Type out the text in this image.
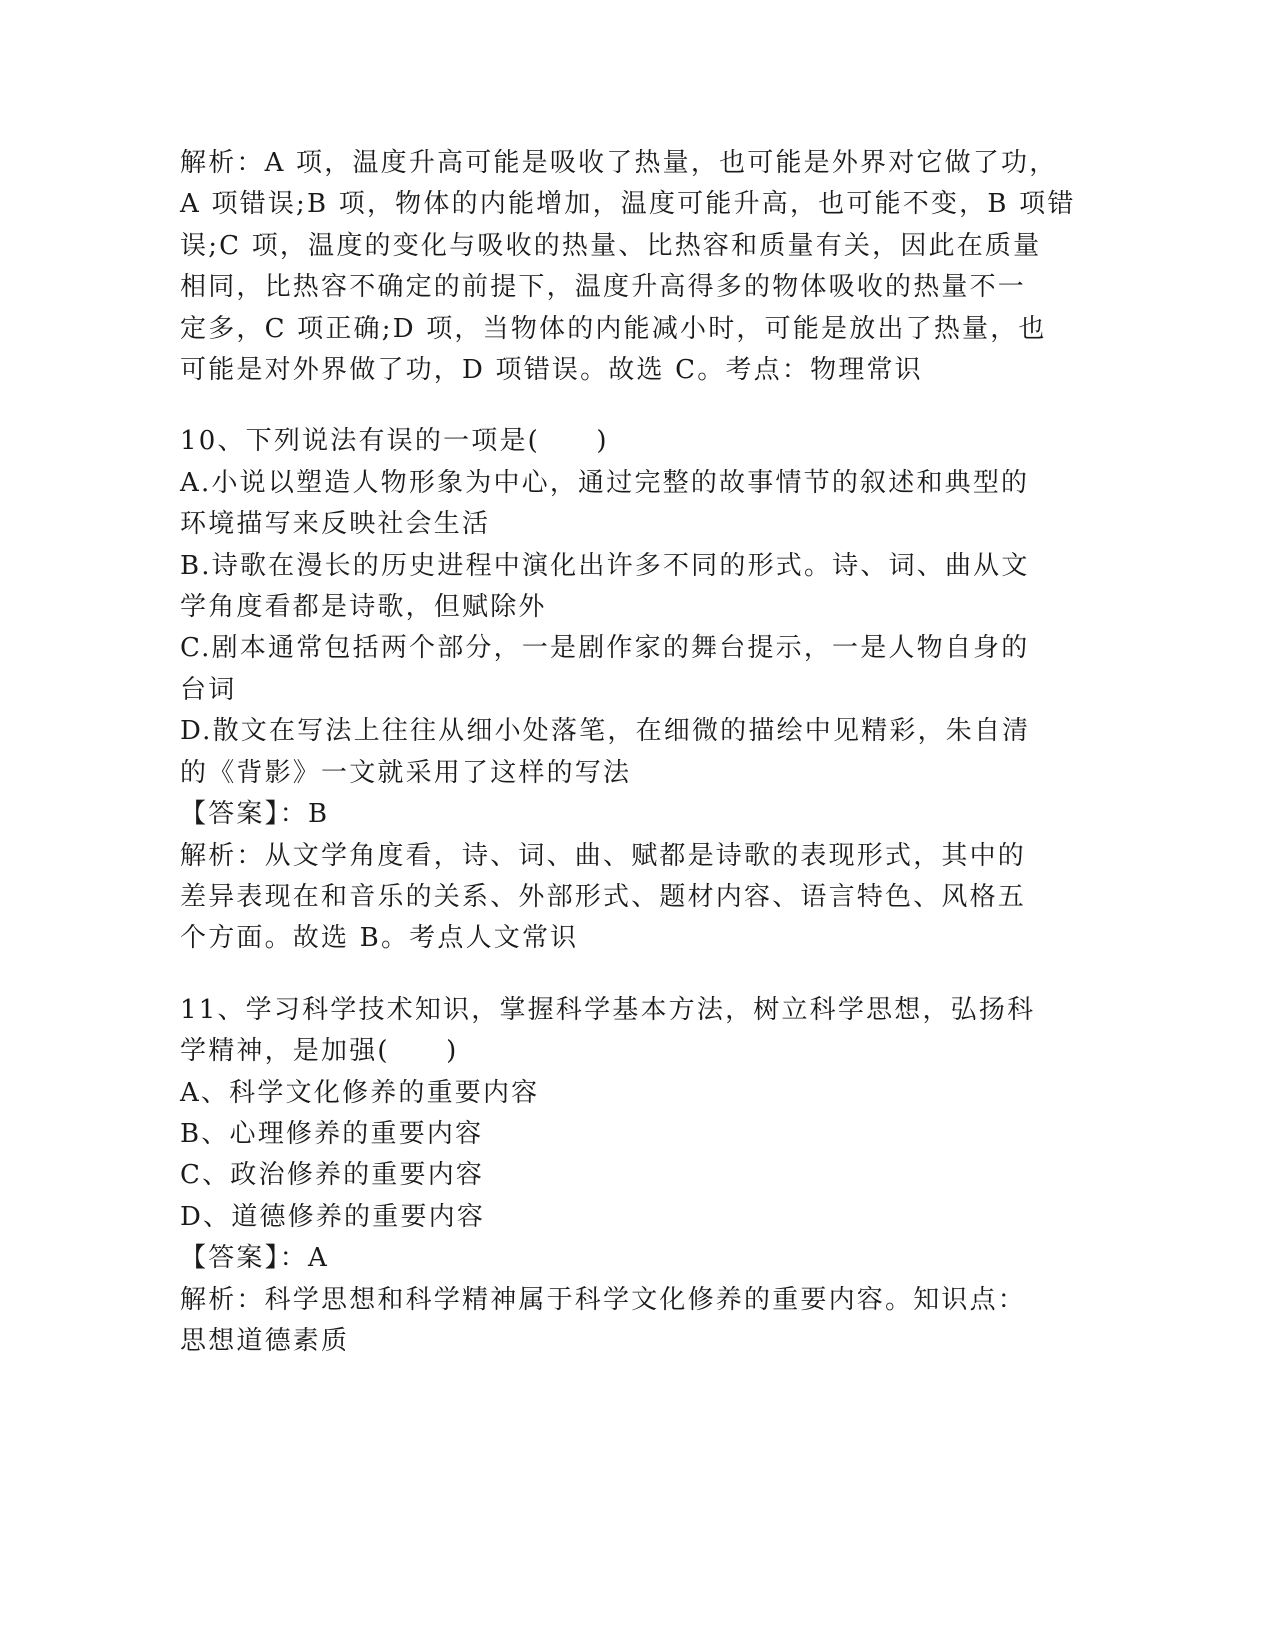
解析：A 项，温度升高可能是吸收了热量，也可能是外界对它做了功，
A 项错误;B 项，物体的内能增加，温度可能升高，也可能不变，B 项错
误;C 项，温度的变化与吸收的热量、比热容和质量有关，因此在质量
相同，比热容不确定的前提下，温度升高得多的物体吸收的热量不一
定多，C 项正确;D 项，当物体的内能减小时，可能是放出了热量，也
可能是对外界做了功，D 项错误。故选 C。考点：物理常识
10、下列说法有误的一项是(　　)
A.小说以塑造人物形象为中心，通过完整的故事情节的叙述和典型的
环境描写来反映社会生活
B.诗歌在漫长的历史进程中演化出许多不同的形式。诗、词、曲从文
学角度看都是诗歌，但赋除外
C.剧本通常包括两个部分，一是剧作家的舞台提示，一是人物自身的
台词
D.散文在写法上往往从细小处落笔，在细微的描绘中见精彩，朱自清
的《背影》一文就采用了这样的写法
【答案】：B
解析：从文学角度看，诗、词、曲、赋都是诗歌的表现形式，其中的
差异表现在和音乐的关系、外部形式、题材内容、语言特色、风格五
个方面。故选 B。考点人文常识
11、学习科学技术知识，掌握科学基本方法，树立科学思想，弘扬科
学精神，是加强(　　)
A、科学文化修养的重要内容
B、心理修养的重要内容
C、政治修养的重要内容
D、道德修养的重要内容
【答案】：A
解析：科学思想和科学精神属于科学文化修养的重要内容。知识点：
思想道德素质
